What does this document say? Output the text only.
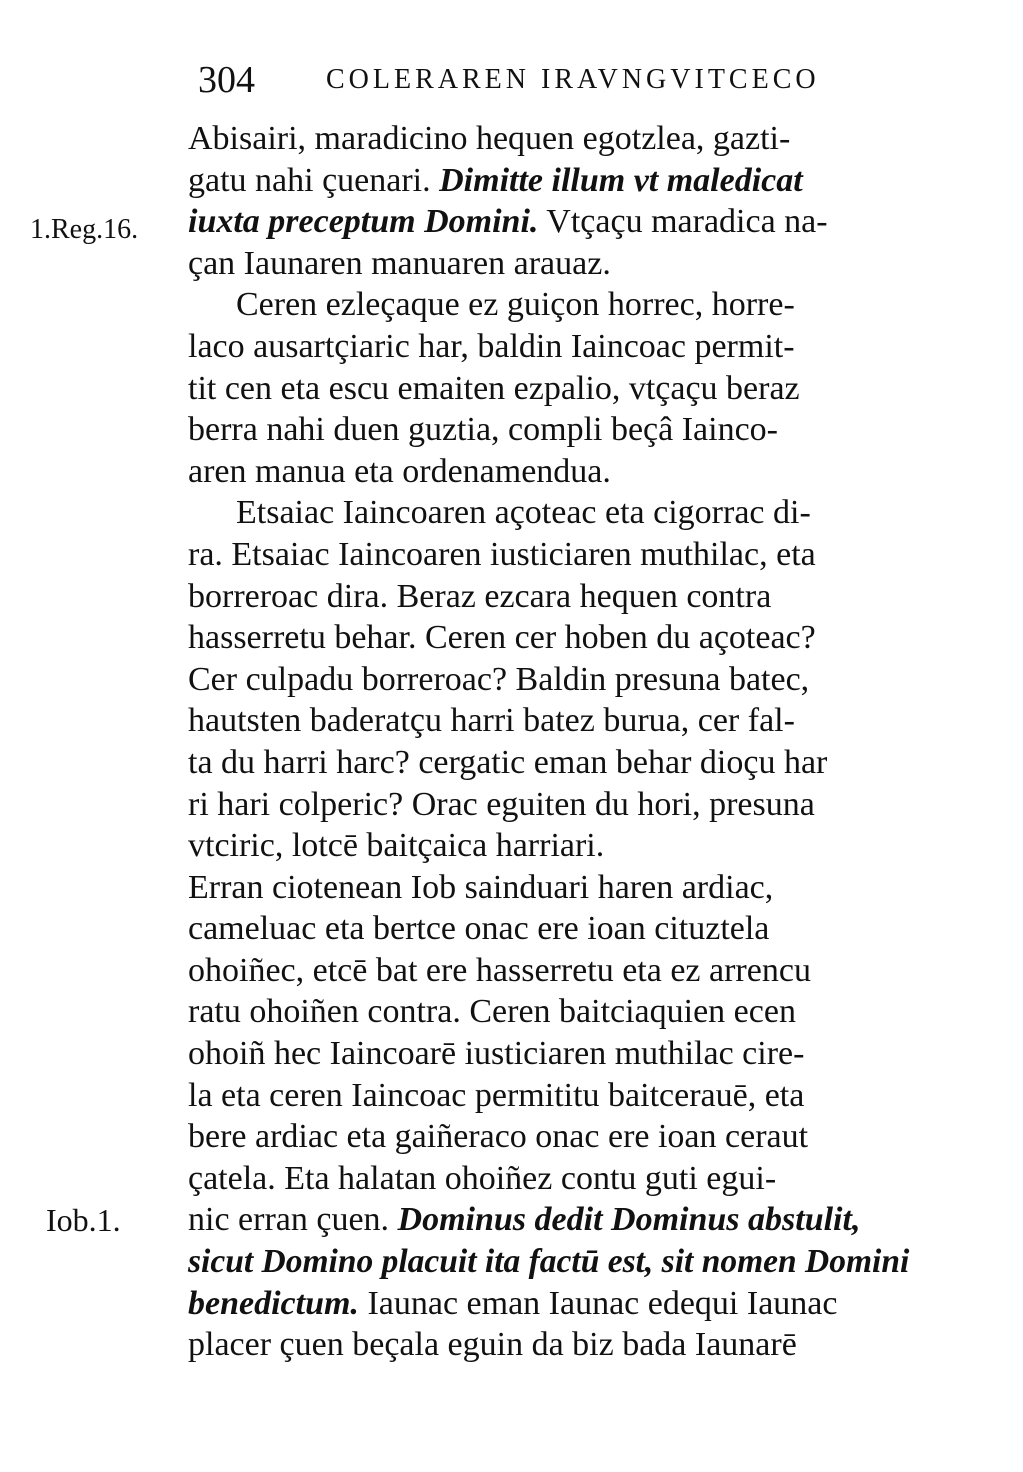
304	COLERAREN IRAVNGVITCECO
1.Reg.16.
Iob.1.
Abisairi, maradicino hequen egotzlea, gazti-
gatu nahi çuenari. Dimitte illum vt maledicat
iuxta preceptum Domini. Vtçaçu maradica na-
çan Iaunaren manuaren arauaz.
Ceren ezleçaque ez guiçon horrec, horre-
laco ausartçiaric har, baldin Iaincoac permit-
tit cen eta escu emaiten ezpalio, vtçaçu beraz
berra nahi duen guztia, compli beçâ Iainco-
aren manua eta ordenamendua.
Etsaiac Iaincoaren açoteac eta cigorrac di-
ra. Etsaiac Iaincoaren iusticiaren muthilac, eta
borreroac dira. Beraz ezcara hequen contra
hasserretu behar. Ceren cer hoben du açoteac?
Cer culpadu borreroac? Baldin presuna batec,
hautsten baderatçu harri batez burua, cer fal-
ta du harri harc? cergatic eman behar dioçu har
ri hari colperic? Orac eguiten du hori, presuna
vtciric, lotcē baitçaica harriari.
Erran ciotenean Iob sainduari haren ardiac,
cameluac eta bertce onac ere ioan cituztela
ohoiñec, etcē bat ere hasserretu eta ez arrencu
ratu ohoiñen contra. Ceren baitciaquien ecen
ohoiñ hec Iaincoarē iusticiaren muthilac cire-
la eta ceren Iaincoac permititu baitcerauē, eta
bere ardiac eta gaiñeraco onac ere ioan ceraut
çatela. Eta halatan ohoiñez contu guti egui-
nic erran çuen. Dominus dedit Dominus abstulit,
sicut Domino placuit ita factū est, sit nomen Domini
benedictum. Iaunac eman Iaunac edequi Iaunac
placer çuen beçala eguin da biz bada Iaunarē
